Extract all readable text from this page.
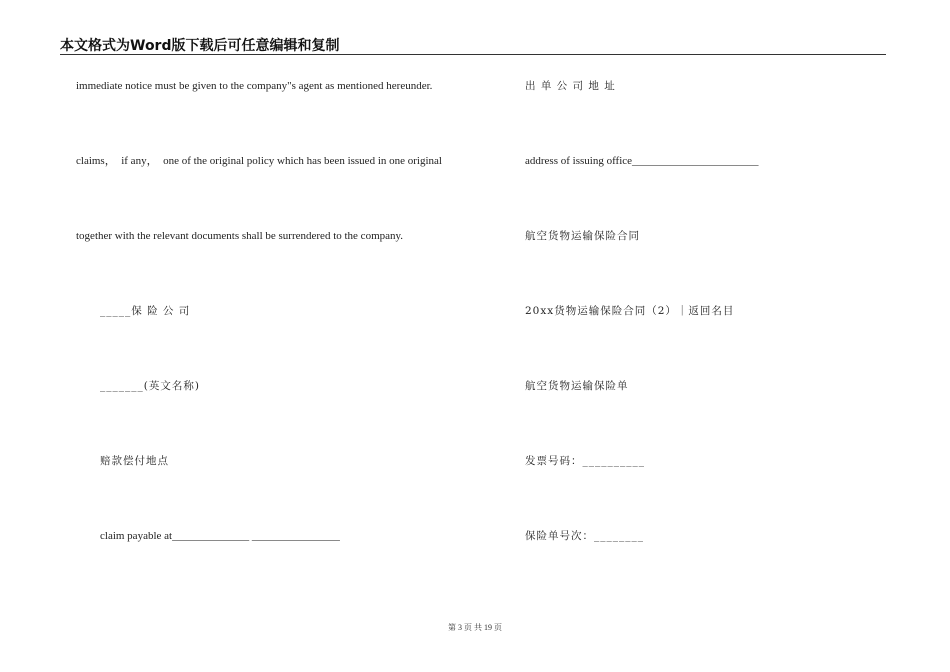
本文格式为Word版下载后可任意编辑和复制
immediate notice must be given to the company"s agent as mentioned hereunder.
claims，  if any，  one of the original policy which has been issued in one original
together with the relevant documents shall be surrendered to the company.
_____保 险 公 司
_______(英文名称)
赔款偿付地点
claim payable at______________ ________________
出 单 公 司 地 址
address of issuing office_______________________
航空货物运输保险合同
20xx货物运输保险合同（2）｜返回名目
航空货物运输保险单
发票号码：__________
保险单号次：________
第 3 页 共 19 页
